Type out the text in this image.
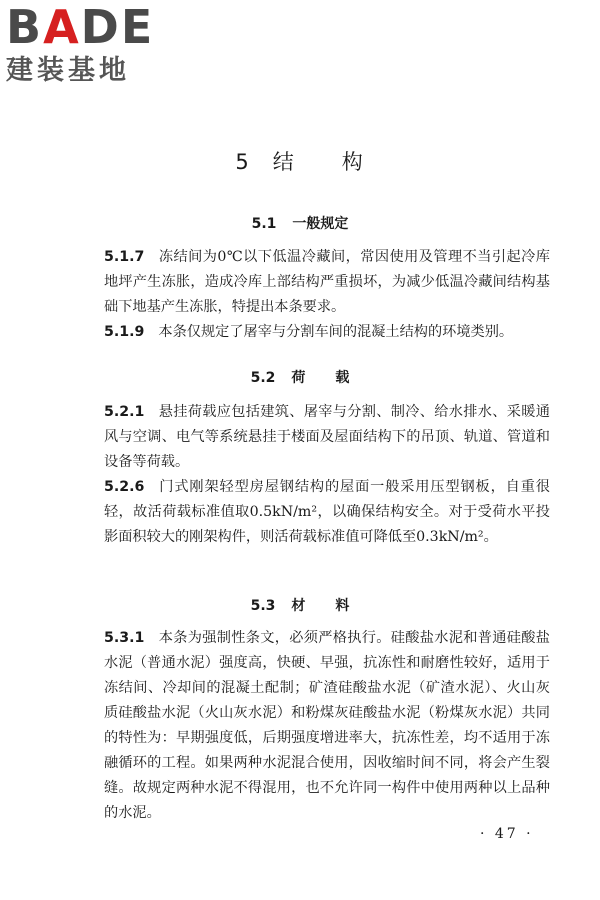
BADE
建装基地
5 结 构
5.1 一般规定
5.1.7 冻结间为0℃以下低温冷藏间，常因使用及管理不当引起冷库地坪产生冻胀，造成冷库上部结构严重损坏，为减少低温冷藏间结构基础下地基产生冻胀，特提出本条要求。
5.1.9 本条仅规定了屠宰与分割车间的混凝土结构的环境类别。
5.2 荷 载
5.2.1 悬挂荷载应包括建筑、屠宰与分割、制冷、给水排水、采暖通风与空调、电气等系统悬挂于楼面及屋面结构下的吊顶、轨道、管道和设备等荷载。
5.2.6 门式刚架轻型房屋钢结构的屋面一般采用压型钢板，自重很轻，故活荷载标准值取0.5kN/m²，以确保结构安全。对于受荷水平投影面积较大的刚架构件，则活荷载标准值可降低至0.3kN/m²。
5.3 材 料
5.3.1 本条为强制性条文，必须严格执行。硅酸盐水泥和普通硅酸盐水泥（普通水泥）强度高，快硬、早强，抗冻性和耐磨性较好，适用于冻结间、冷却间的混凝土配制；矿渣硅酸盐水泥（矿渣水泥）、火山灰质硅酸盐水泥（火山灰水泥）和粉煤灰硅酸盐水泥（粉煤灰水泥）共同的特性为：早期强度低，后期强度增进率大，抗冻性差，均不适用于冻融循环的工程。如果两种水泥混合使用，因收缩时间不同，将会产生裂缝。故规定两种水泥不得混用，也不允许同一构件中使用两种以上品种的水泥。
· 47 ·
